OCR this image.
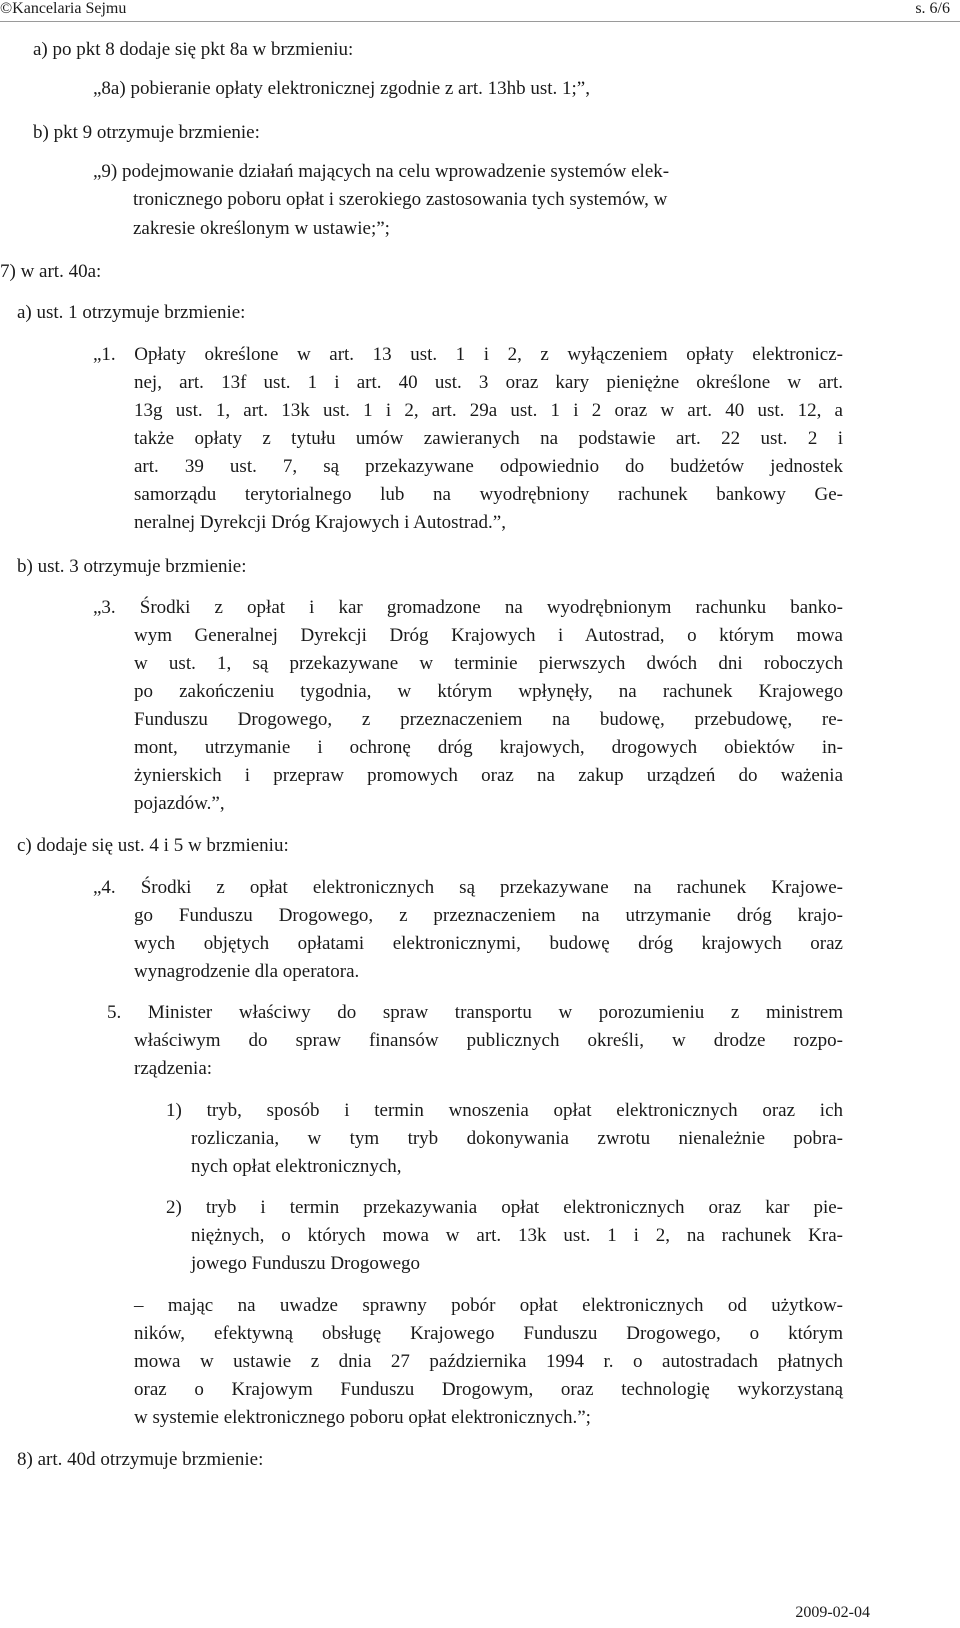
©Kancelaria Sejmu	s. 6/6
a) po pkt 8 dodaje się pkt 8a w brzmieniu:
„8a) pobieranie opłaty elektronicznej zgodnie z art. 13hb ust. 1;”,
b) pkt 9 otrzymuje brzmienie:
„9) podejmowanie działań mających na celu wprowadzenie systemów elek-
tronicznego poboru opłat i szerokiego zastosowania tych systemów, w
zakresie określonym w ustawie;”;
7) w art. 40a:
a) ust. 1 otrzymuje brzmienie:
„1. Opłaty określone w art. 13 ust. 1 i 2, z wyłączeniem opłaty elektronicz-
nej, art. 13f ust. 1 i art. 40 ust. 3 oraz kary pieniężne określone w art.
13g ust. 1, art. 13k ust. 1 i 2, art. 29a ust. 1 i 2 oraz w art. 40 ust. 12, a
także opłaty z tytułu umów zawieranych na podstawie art. 22 ust. 2 i
art. 39 ust. 7, są przekazywane odpowiednio do budżetów jednostek
samorządu terytorialnego lub na wyodrębniony rachunek bankowy Ge-
neralnej Dyrekcji Dróg Krajowych i Autostrad.”,
b) ust. 3 otrzymuje brzmienie:
„3. Środki z opłat i kar gromadzone na wyodrębnionym rachunku banko-
wym Generalnej Dyrekcji Dróg Krajowych i Autostrad, o którym mowa
w ust. 1, są przekazywane w terminie pierwszych dwóch dni roboczych
po zakończeniu tygodnia, w którym wpłynęły, na rachunek Krajowego
Funduszu Drogowego, z przeznaczeniem na budowę, przebudowę, re-
mont, utrzymanie i ochronę dróg krajowych, drogowych obiektów in-
żynierskich i przepraw promowych oraz na zakup urządzeń do ważenia
pojazdów.”,
c) dodaje się ust. 4 i 5 w brzmieniu:
„4. Środki z opłat elektronicznych są przekazywane na rachunek Krajowe-
go Funduszu Drogowego, z przeznaczeniem na utrzymanie dróg krajo-
wych objętych opłatami elektronicznymi, budowę dróg krajowych oraz
wynagrodzenie dla operatora.
5. Minister właściwy do spraw transportu w porozumieniu z ministrem
właściwym do spraw finansów publicznych określi, w drodze rozpo-
rządzenia:
1) tryb, sposób i termin wnoszenia opłat elektronicznych oraz ich
rozliczania, w tym tryb dokonywania zwrotu nienależnie pobra-
nych opłat elektronicznych,
2) tryb i termin przekazywania opłat elektronicznych oraz kar pie-
niężnych, o których mowa w art. 13k ust. 1 i 2, na rachunek Kra-
jowego Funduszu Drogowego
– mając na uwadze sprawny pobór opłat elektronicznych od użytkow-
ników, efektywną obsługę Krajowego Funduszu Drogowego, o którym
mowa w ustawie z dnia 27 października 1994 r. o autostradach płatnych
oraz o Krajowym Funduszu Drogowym, oraz technologię wykorzystaną
w systemie elektronicznego poboru opłat elektronicznych.”;
8) art. 40d otrzymuje brzmienie:
2009-02-04
